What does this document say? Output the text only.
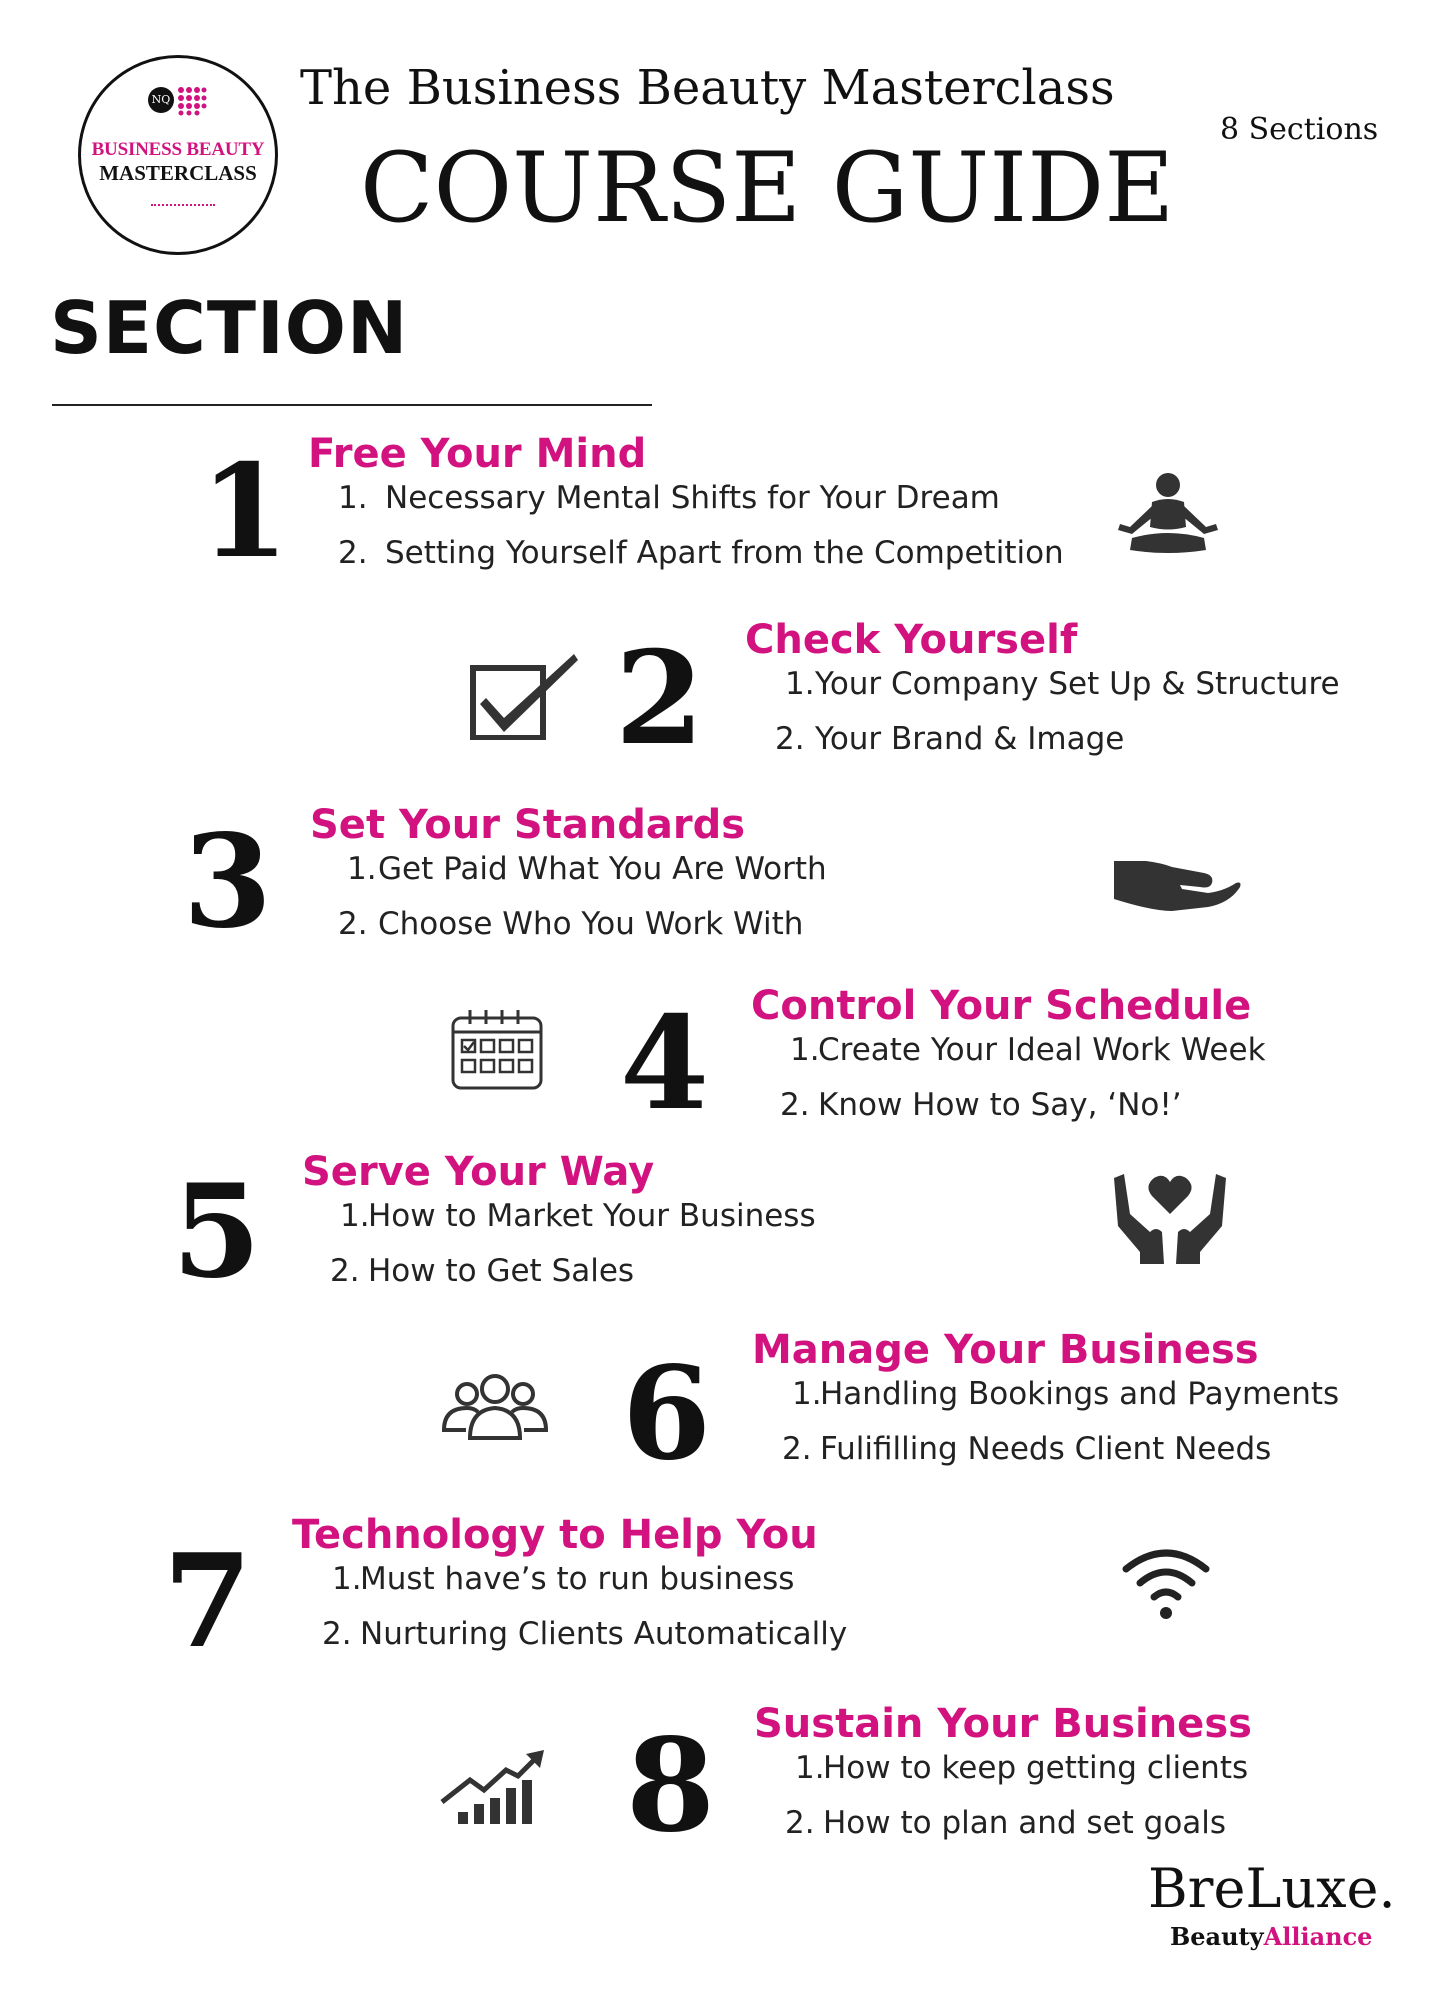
NQ
BUSINESS BEAUTY
MASTERCLASS
The Business Beauty Masterclass
COURSE GUIDE
8 Sections
SECTION
1 Free Your Mind
1. Necessary Mental Shifts for Your Dream
2. Setting Yourself Apart from the Competition
2 Check Yourself
1. Your Company Set Up & Structure
2. Your Brand & Image
3 Set Your Standards
1. Get Paid What You Are Worth
2. Choose Who You Work With
4 Control Your Schedule
1.
Create Your Ideal Work Week
2. Know How to Say, ‘No!’
5 Serve Your Way
1.
How to Market Your Business
2. How to Get Sales
6 Manage Your Business
1.
Handling Bookings and Payments
2. Fulifilling Needs Client Needs
7 Technology to Help You
1.
Must have’s to run business
2. Nurturing Clients Automatically
8 Sustain Your Business
1.
How to keep getting clients
2. How to plan and set goals
BreLuxe.
BeautyAlliance
